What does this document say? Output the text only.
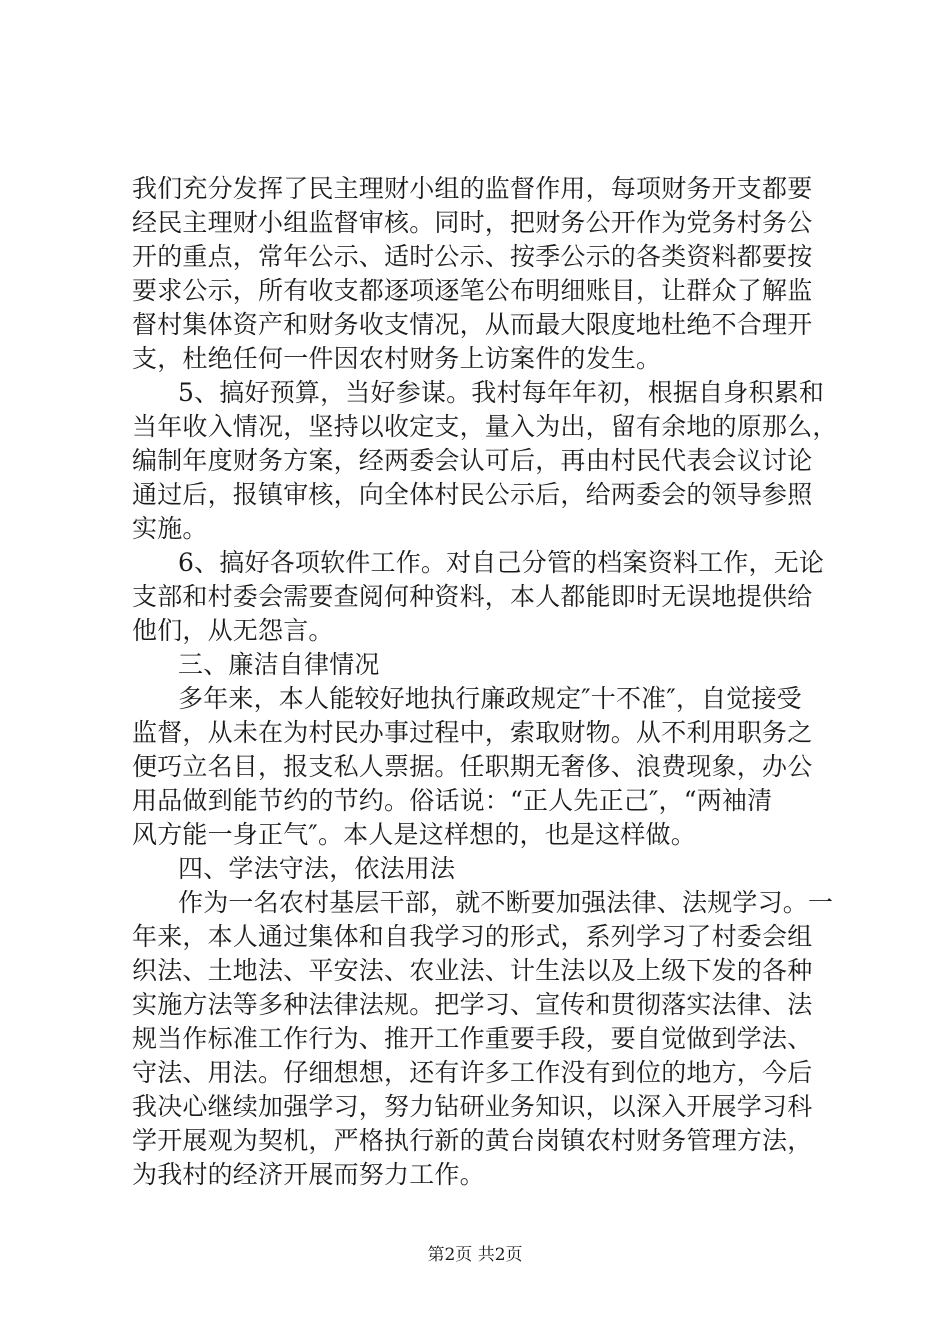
我们充分发挥了民主理财小组的监督作用，每项财务开支都要
经民主理财小组监督审核。同时，把财务公开作为党务村务公
开的重点，常年公示、适时公示、按季公示的各类资料都要按
要求公示，所有收支都逐项逐笔公布明细账目，让群众了解监
督村集体资产和财务收支情况，从而最大限度地杜绝不合理开
支，杜绝任何一件因农村财务上访案件的发生。
5、搞好预算，当好参谋。我村每年年初，根据自身积累和
当年收入情况，坚持以收定支，量入为出，留有余地的原那么，
编制年度财务方案，经两委会认可后，再由村民代表会议讨论
通过后，报镇审核，向全体村民公示后，给两委会的领导参照
实施。
6、搞好各项软件工作。对自己分管的档案资料工作，无论
支部和村委会需要查阅何种资料，本人都能即时无误地提供给
他们，从无怨言。
三、廉洁自律情况
多年来，本人能较好地执行廉政规定″十不准″，自觉接受
监督，从未在为村民办事过程中，索取财物。从不利用职务之
便巧立名目，报支私人票据。任职期无奢侈、浪费现象，办公
用品做到能节约的节约。俗话说：“正人先正己″，“两袖清
风方能一身正气″。本人是这样想的，也是这样做。
四、学法守法，依法用法
作为一名农村基层干部，就不断要加强法律、法规学习。一
年来，本人通过集体和自我学习的形式，系列学习了村委会组
织法、土地法、平安法、农业法、计生法以及上级下发的各种
实施方法等多种法律法规。把学习、宣传和贯彻落实法律、法
规当作标准工作行为、推开工作重要手段，要自觉做到学法、
守法、用法。仔细想想，还有许多工作没有到位的地方，今后
我决心继续加强学习，努力钻研业务知识，以深入开展学习科
学开展观为契机，严格执行新的黄台岗镇农村财务管理方法，
为我村的经济开展而努力工作。
第2页 共2页
